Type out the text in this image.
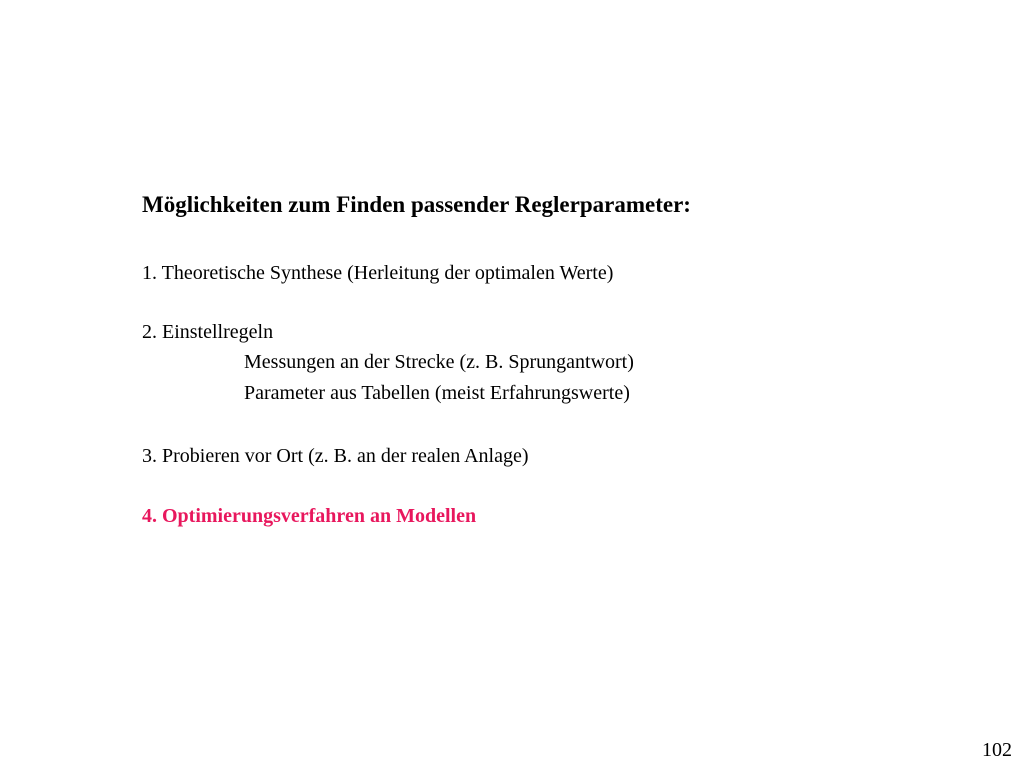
Möglichkeiten zum Finden passender Reglerparameter:
1. Theoretische Synthese (Herleitung der optimalen Werte)
2. Einstellregeln
Messungen an der Strecke (z. B. Sprungantwort)
Parameter aus Tabellen (meist Erfahrungswerte)
3. Probieren vor Ort (z. B. an der realen Anlage)
4. Optimierungsverfahren an Modellen
102
